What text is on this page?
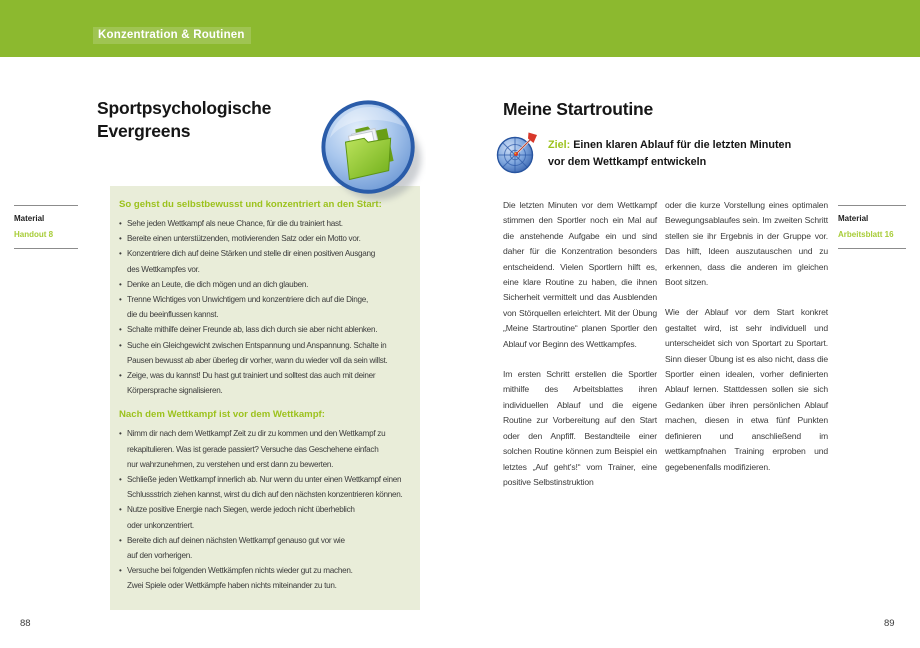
Konzentration & Routinen
Sportpsychologische
Evergreens
So gehst du selbstbewusst und konzentriert an den Start:
• Sehe jeden Wettkampf als neue Chance, für die du trainiert hast.
• Bereite einen unterstützenden, motivierenden Satz oder ein Motto vor.
• Konzentriere dich auf deine Stärken und stelle dir einen positiven Ausgang
des Wettkampfes vor.
• Denke an Leute, die dich mögen und an dich glauben.
• Trenne Wichtiges von Unwichtigem und konzentriere dich auf die Dinge,
die du beeinflussen kannst.
• Schalte mithilfe deiner Freunde ab, lass dich durch sie aber nicht ablenken.
• Suche ein Gleichgewicht zwischen Entspannung und Anspannung. Schalte in
Pausen bewusst ab aber überleg dir vorher, wann du wieder voll da sein willst.
• Zeige, was du kannst! Du hast gut trainiert und solltest das auch mit deiner
Körpersprache signalisieren.
Nach dem Wettkampf ist vor dem Wettkampf:
• Nimm dir nach dem Wettkampf Zeit zu dir zu kommen und den Wettkampf zu
rekapitulieren. Was ist gerade passiert? Versuche das Geschehene einfach
nur wahrzunehmen, zu verstehen und erst dann zu bewerten.
• Schließe jeden Wettkampf innerlich ab. Nur wenn du unter einen Wettkampf einen
Schlussstrich ziehen kannst, wirst du dich auf den nächsten konzentrieren können.
• Nutze positive Energie nach Siegen, werde jedoch nicht überheblich
oder unkonzentriert.
• Bereite dich auf deinen nächsten Wettkampf genauso gut vor wie
auf den vorherigen.
• Versuche bei folgenden Wettkämpfen nichts wieder gut zu machen.
Zwei Spiele oder Wettkämpfe haben nichts miteinander zu tun.
Material
Handout 8
88
Meine Startroutine
Ziel: Einen klaren Ablauf für die letzten Minuten
vor dem Wettkampf entwickeln

Die letzten Minuten vor dem Wettkampf stimmen den Sportler noch ein Mal auf die anstehende Aufgabe ein und sind daher für die Konzentration besonders entscheidend. Vielen Sportlern hilft es, eine klare Routine zu haben, die ihnen Sicherheit vermittelt und das Ausblenden von Störquellen erleichtert. Mit der Übung „Meine Startroutine“ planen Sportler den Ablauf vor Beginn des Wettkampfes.

Im ersten Schritt erstellen die Sportler mithilfe des Arbeitsblattes ihren individuellen Ablauf und die eigene Routine zur Vorbereitung auf den Start oder den Anpfiff. Bestandteile einer solchen Routine können zum Beispiel ein letztes „Auf geht's!“ vom Trainer, eine positive Selbstinstruktion

oder die kurze Vorstellung eines optimalen Bewegungsablaufes sein. Im zweiten Schritt stellen sie ihr Ergebnis in der Gruppe vor. Das hilft, Ideen auszutauschen und zu erkennen, dass die anderen im gleichen Boot sitzen.

Wie der Ablauf vor dem Start konkret gestaltet wird, ist sehr individuell und unterscheidet sich von Sportart zu Sportart. Sinn dieser Übung ist es also nicht, dass die Sportler einen idealen, vorher definierten Ablauf lernen. Stattdessen sollen sie sich Gedanken über ihren persönlichen Ablauf machen, diesen in etwa fünf Punkten definieren und anschließend im wettkampfnahen Training erproben und gegebenenfalls modifizieren.

Material
Arbeitsblatt 16
89
